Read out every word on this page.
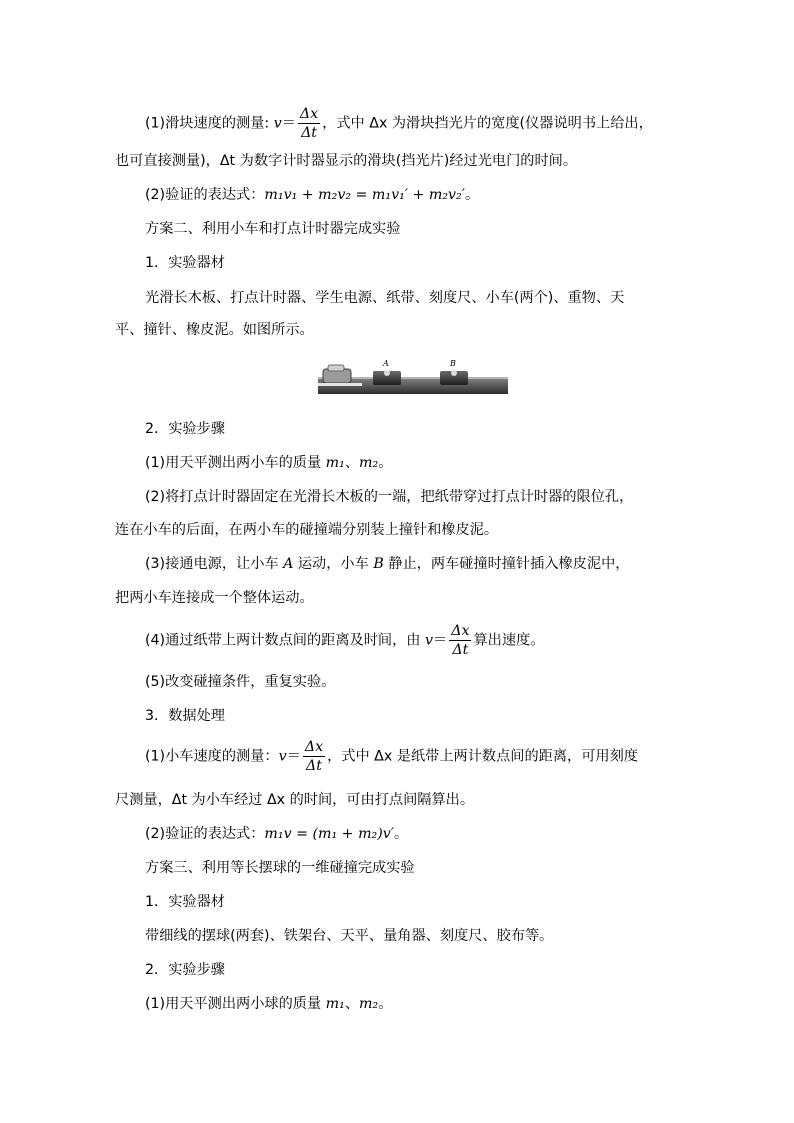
(1)滑块速度的测量: $v= \frac{\Delta x}{\Delta t}$ ，式中 Δx 为滑块挡光片的宽度(仪器说明书上给出，
也可直接测量)，Δt 为数字计时器显示的滑块(挡光片)经过光电门的时间。
(2)验证的表达式：m₁v₁ + m₂v₂ = m₁v₁′ + m₂v₂′。
方案二、利用小车和打点计时器完成实验
1．实验器材
光滑长木板、打点计时器、学生电源、纸带、刻度尺、小车(两个)、重物、天
平、撞针、橡皮泥。如图所示。
A	B
2．实验步骤
(1)用天平测出两小车的质量 m₁、m₂。
(2)将打点计时器固定在光滑长木板的一端，把纸带穿过打点计时器的限位孔，
连在小车的后面，在两小车的碰撞端分别装上撞针和橡皮泥。
(3)接通电源，让小车 A 运动，小车 B 静止，两车碰撞时撞针插入橡皮泥中，
把两小车连接成一个整体运动。
(4)通过纸带上两计数点间的距离及时间，由 $v= \frac{\Delta x}{\Delta t}$ 算出速度。
(5)改变碰撞条件，重复实验。
3．数据处理
(1)小车速度的测量：$v= \frac{\Delta x}{\Delta t}$ ，式中 Δx 是纸带上两计数点间的距离，可用刻度
尺测量，Δt 为小车经过 Δx 的时间，可由打点间隔算出。
(2)验证的表达式：m₁v = (m₁ + m₂)v′。
方案三、利用等长摆球的一维碰撞完成实验
1．实验器材
带细线的摆球(两套)、铁架台、天平、量角器、刻度尺、胶布等。
2．实验步骤
(1)用天平测出两小球的质量 m₁、m₂。
